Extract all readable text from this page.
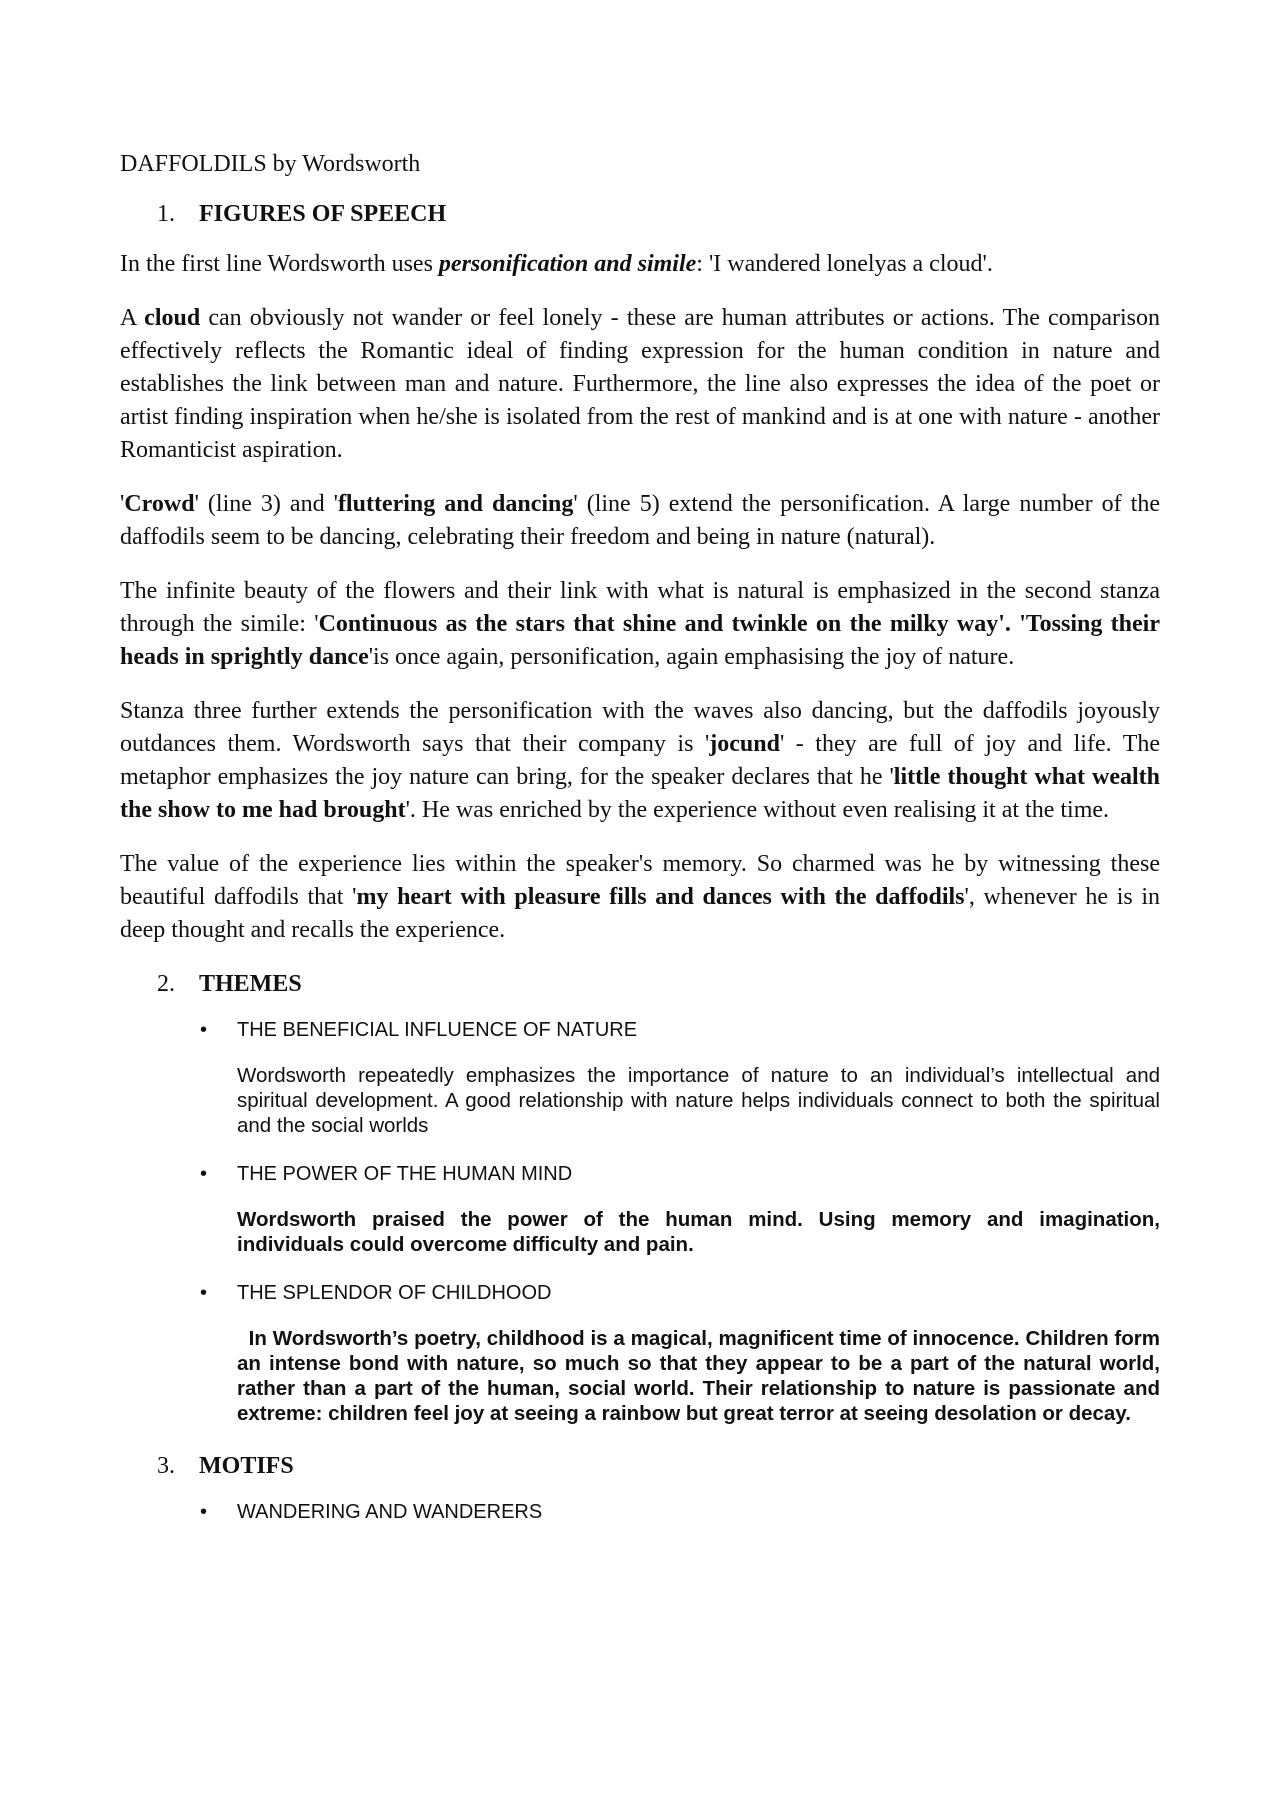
DAFFOLDILS by Wordsworth
1. FIGURES OF SPEECH

In the first line Wordsworth uses personification and simile: 'I wandered lonelyas a cloud'.

A cloud can obviously not wander or feel lonely - these are human attributes or actions. The comparison effectively reflects the Romantic ideal of finding expression for the human condition in nature and establishes the link between man and nature. Furthermore, the line also expresses the idea of the poet or artist finding inspiration when he/she is isolated from the rest of mankind and is at one with nature - another Romanticist aspiration.

'Crowd' (line 3) and 'fluttering and dancing' (line 5) extend the personification. A large number of the daffodils seem to be dancing, celebrating their freedom and being in nature (natural).

The infinite beauty of the flowers and their link with what is natural is emphasized in the second stanza through the simile: 'Continuous as the stars that shine and twinkle on the milky way'. 'Tossing their heads in sprightly dance'is once again, personification, again emphasising the joy of nature.

Stanza three further extends the personification with the waves also dancing, but the daffodils joyously outdances them. Wordsworth says that their company is 'jocund' - they are full of joy and life. The metaphor emphasizes the joy nature can bring, for the speaker declares that he 'little thought what wealth the show to me had brought'. He was enriched by the experience without even realising it at the time.

The value of the experience lies within the speaker's memory. So charmed was he by witnessing these beautiful daffodils that 'my heart with pleasure fills and dances with the daffodils', whenever he is in deep thought and recalls the experience.

2. THEMES
• THE BENEFICIAL INFLUENCE OF NATURE
Wordsworth repeatedly emphasizes the importance of nature to an individual’s intellectual and spiritual development. A good relationship with nature helps individuals connect to both the spiritual and the social worlds
• THE POWER OF THE HUMAN MIND
Wordsworth praised the power of the human mind. Using memory and imagination, individuals could overcome difficulty and pain.
• THE SPLENDOR OF CHILDHOOD
In Wordsworth’s poetry, childhood is a magical, magnificent time of innocence. Children form an intense bond with nature, so much so that they appear to be a part of the natural world, rather than a part of the human, social world. Their relationship to nature is passionate and extreme: children feel joy at seeing a rainbow but great terror at seeing desolation or decay.
3. MOTIFS
• WANDERING AND WANDERERS
